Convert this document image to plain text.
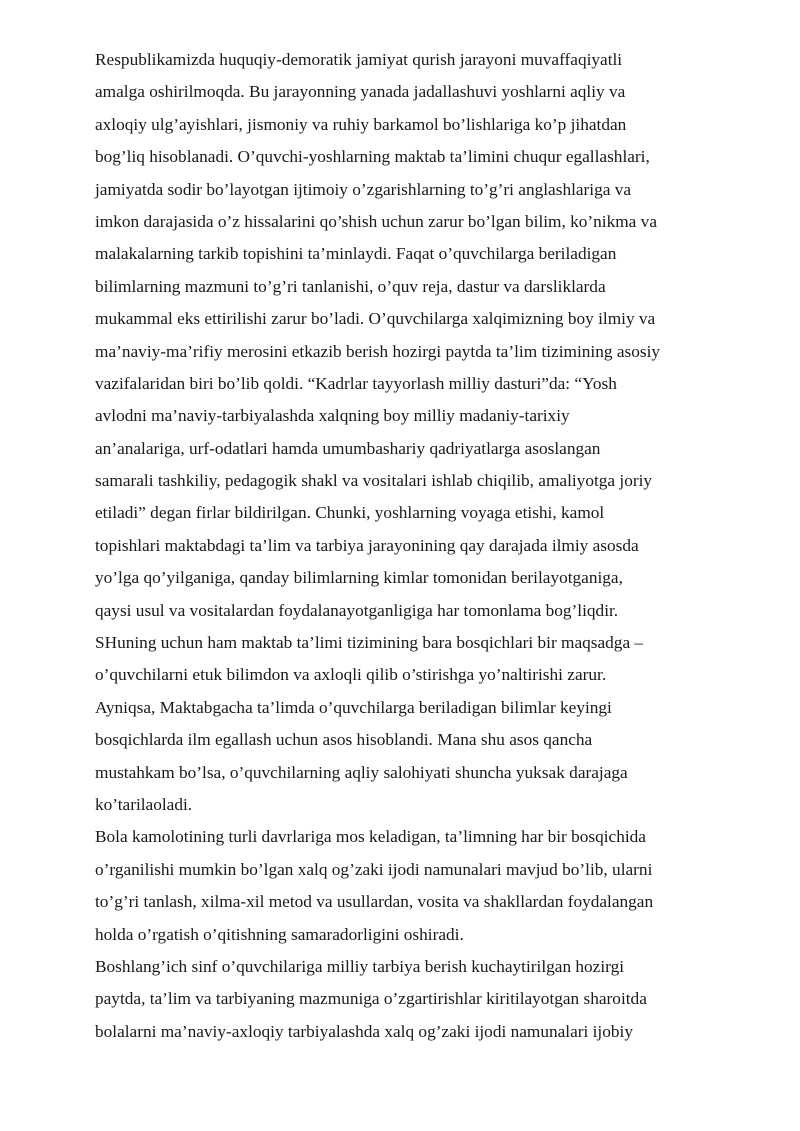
Respublikamizda huquqiy-demoratik jamiyat qurish jarayoni muvaffaqiyatli
amalga oshirilmoqda. Bu jarayonning yanada jadallashuvi yoshlarni aqliy va
axloqiy ulg’ayishlari, jismoniy va ruhiy barkamol bo’lishlariga ko’p jihatdan
bog’liq hisoblanadi. O’quvchi-yoshlarning maktab ta’limini chuqur egallashlari,
jamiyatda sodir bo’layotgan ijtimoiy o’zgarishlarning to’g’ri anglashlariga va
imkon darajasida o’z hissalarini qo’shish uchun zarur bo’lgan bilim, ko’nikma va
malakalarning tarkib topishini ta’minlaydi. Faqat o’quvchilarga beriladigan
bilimlarning mazmuni to’g’ri tanlanishi, o’quv reja, dastur va darsliklarda
mukammal eks ettirilishi zarur bo’ladi. O’quvchilarga xalqimizning boy ilmiy va
ma’naviy-ma’rifiy merosini etkazib berish hozirgi paytda ta’lim tizimining asosiy
vazifalaridan biri bo’lib qoldi. “Kadrlar tayyorlash milliy dasturi”da: “Yosh
avlodni ma’naviy-tarbiyalashda xalqning boy milliy madaniy-tarixiy
an’analariga, urf-odatlari hamda umumbashariy qadriyatlarga asoslangan
samarali tashkiliy, pedagogik shakl va vositalari ishlab chiqilib, amaliyotga joriy
etiladi” degan firlar bildirilgan. Chunki, yoshlarning voyaga etishi, kamol
topishlari maktabdagi ta’lim va tarbiya jarayonining qay darajada ilmiy asosda
yo’lga qo’yilganiga, qanday bilimlarning kimlar tomonidan berilayotganiga,
qaysi usul va vositalardan foydalanayotganligiga har tomonlama bog’liqdir.
SHuning uchun ham maktab ta’limi tizimining bara bosqichlari bir maqsadga –
o’quvchilarni etuk bilimdon va axloqli qilib o’stirishga yo’naltirishi zarur.
Ayniqsa, Maktabgacha ta’limda o’quvchilarga beriladigan bilimlar keyingi
bosqichlarda ilm egallash uchun asos hisoblandi. Mana shu asos qancha
mustahkam bo’lsa, o’quvchilarning aqliy salohiyati shuncha yuksak darajaga
ko’tarilaoladi.
Bola kamolotining turli davrlariga mos keladigan, ta’limning har bir bosqichida
o’rganilishi mumkin bo’lgan xalq og’zaki ijodi namunalari mavjud bo’lib, ularni
to’g’ri tanlash, xilma-xil metod va usullardan, vosita va shakllardan foydalangan
holda o’rgatish o’qitishning samaradorligini oshiradi.
Boshlang’ich sinf o’quvchilariga milliy tarbiya berish kuchaytirilgan hozirgi
paytda, ta’lim va tarbiyaning mazmuniga o’zgartirishlar kiritilayotgan sharoitda
bolalarni ma’naviy-axloqiy tarbiyalashda xalq og’zaki ijodi namunalari ijobiy
